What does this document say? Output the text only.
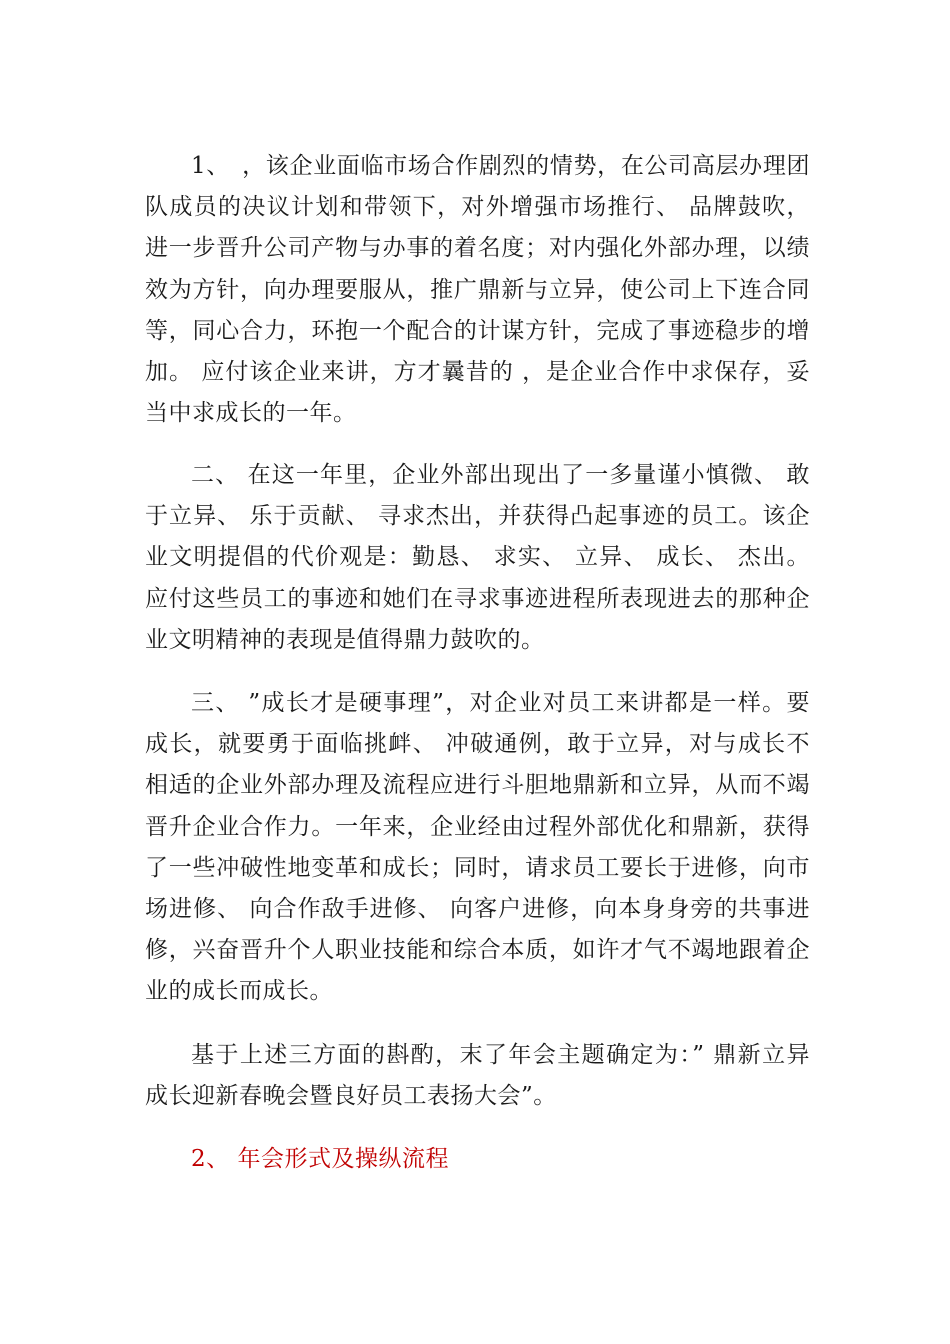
1、　，该企业面临市场合作剧烈的情势，在公司高层办理团队成员的决议计划和带领下，对外增强市场推行、 品牌鼓吹，进一步晋升公司产物与办事的着名度；对内强化外部办理，以绩效为方针，向办理要服从，推广鼎新与立异，使公司上下连合同等，同心合力，环抱一个配合的计谋方针，完成了事迹稳步的增加。 应付该企业来讲，方才曩昔的 ，是企业合作中求保存，妥当中求成长的一年。

二、 在这一年里，企业外部出现出了一多量谨小慎微、 敢于立异、 乐于贡献、 寻求杰出，并获得凸起事迹的员工。该企业文明提倡的代价观是：勤恳、 求实、 立异、 成长、 杰出。应付这些员工的事迹和她们在寻求事迹进程所表现进去的那种企业文明精神的表现是值得鼎力鼓吹的。

三、 ”成长才是硬事理”，对企业对员工来讲都是一样。要成长，就要勇于面临挑衅、 冲破通例，敢于立异，对与成长不相适的企业外部办理及流程应进行斗胆地鼎新和立异，从而不竭晋升企业合作力。一年来，企业经由过程外部优化和鼎新，获得了一些冲破性地变革和成长；同时，请求员工要长于进修，向市场进修、 向合作敌手进修、 向客户进修，向本身身旁的共事进修，兴奋晋升个人职业技能和综合本质，如许才气不竭地跟着企业的成长而成长。

基于上述三方面的斟酌，末了年会主题确定为：” 鼎新立异成长迎新春晚会暨良好员工表扬大会”。

2、 年会形式及操纵流程
